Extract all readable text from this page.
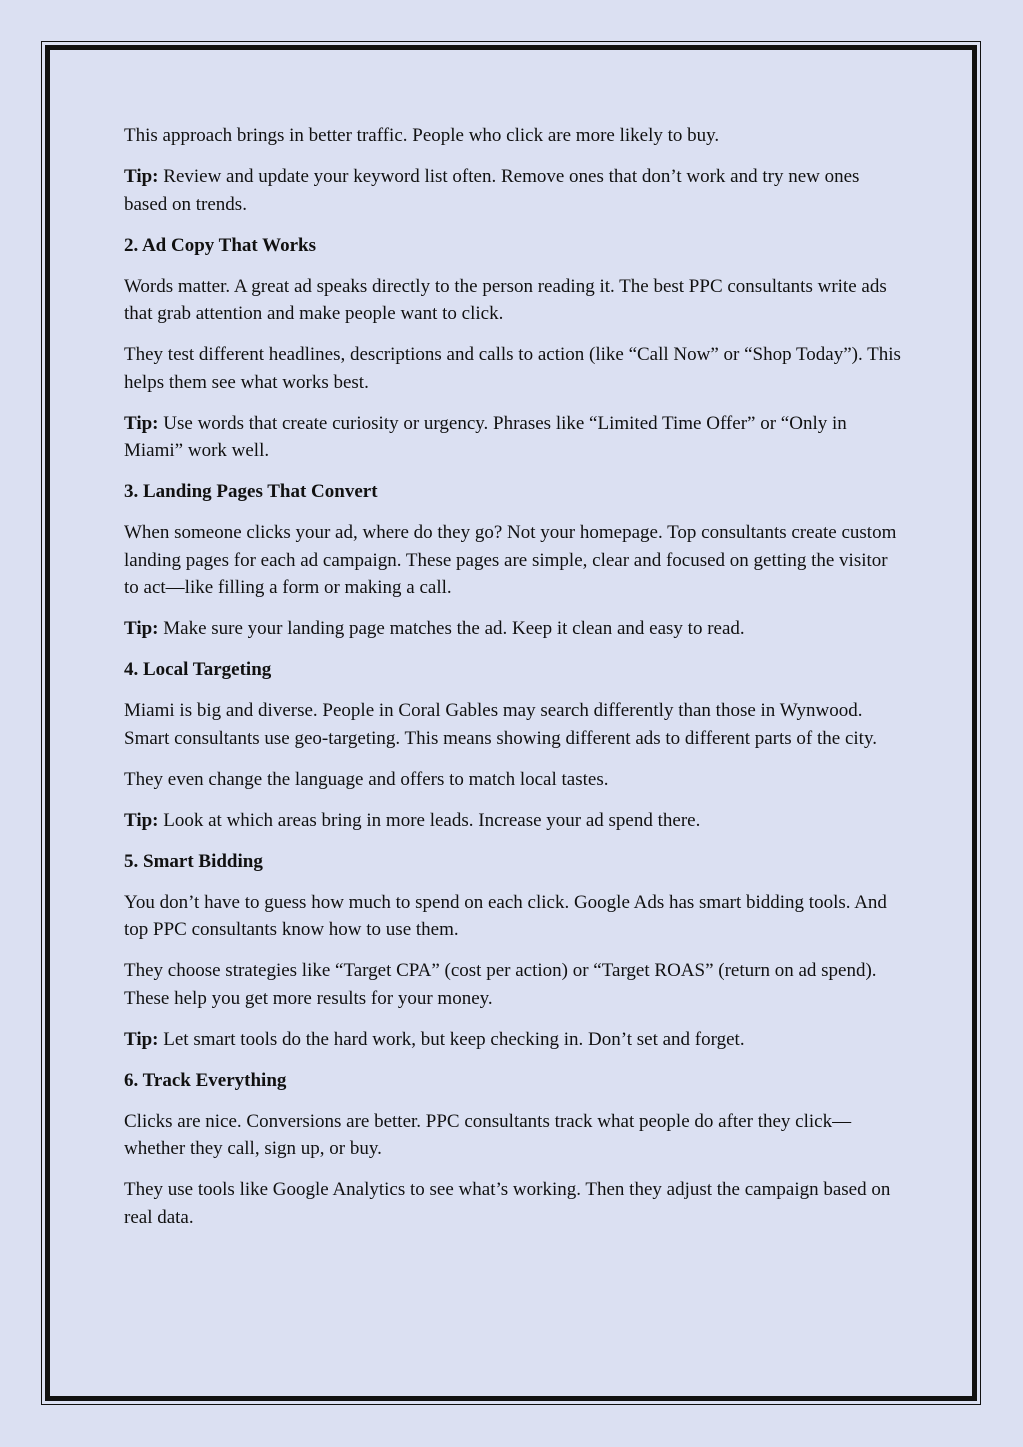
This approach brings in better traffic. People who click are more likely to buy.

Tip: Review and update your keyword list often. Remove ones that don’t work and try new ones based on trends.

2. Ad Copy That Works

Words matter. A great ad speaks directly to the person reading it. The best PPC consultants write ads that grab attention and make people want to click.

They test different headlines, descriptions and calls to action (like “Call Now” or “Shop Today”). This helps them see what works best.

Tip: Use words that create curiosity or urgency. Phrases like “Limited Time Offer” or “Only in Miami” work well.

3. Landing Pages That Convert

When someone clicks your ad, where do they go? Not your homepage. Top consultants create custom landing pages for each ad campaign. These pages are simple, clear and focused on getting the visitor to act—like filling a form or making a call.

Tip: Make sure your landing page matches the ad. Keep it clean and easy to read.

4. Local Targeting

Miami is big and diverse. People in Coral Gables may search differently than those in Wynwood. Smart consultants use geo-targeting. This means showing different ads to different parts of the city.

They even change the language and offers to match local tastes.

Tip: Look at which areas bring in more leads. Increase your ad spend there.

5. Smart Bidding

You don’t have to guess how much to spend on each click. Google Ads has smart bidding tools. And top PPC consultants know how to use them.

They choose strategies like “Target CPA” (cost per action) or “Target ROAS” (return on ad spend). These help you get more results for your money.

Tip: Let smart tools do the hard work, but keep checking in. Don’t set and forget.

6. Track Everything

Clicks are nice. Conversions are better. PPC consultants track what people do after they click—whether they call, sign up, or buy.

They use tools like Google Analytics to see what’s working. Then they adjust the campaign based on real data.
